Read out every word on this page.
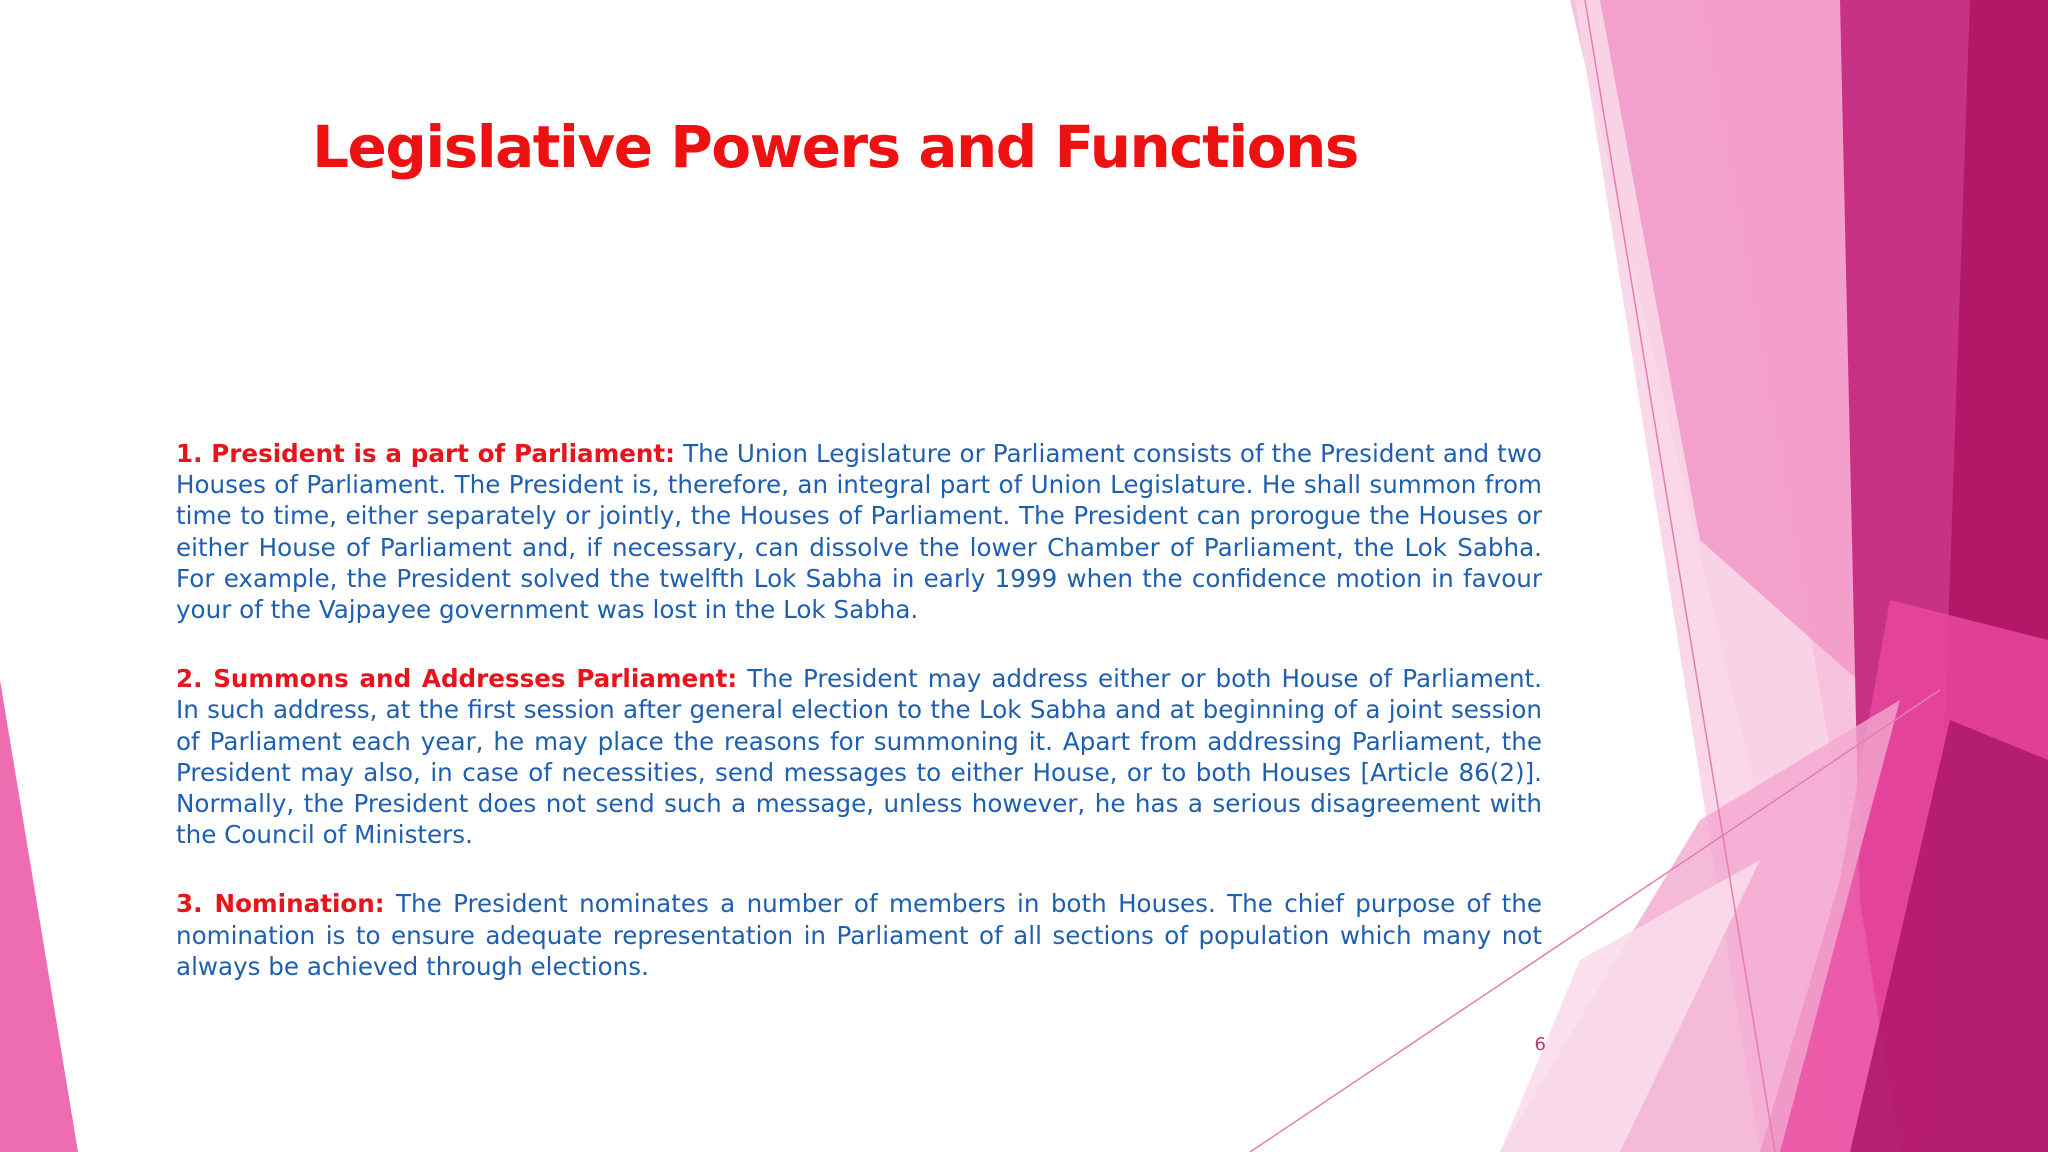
Legislative Powers and Functions

1. President is a part of Parliament: The Union Legislature or Parliament consists of the President and two Houses of Parliament. The President is, therefore, an integral part of Union Legislature. He shall summon from time to time, either separately or jointly, the Houses of Parliament. The President can prorogue the Houses or either House of Parliament and, if necessary, can dissolve the lower Chamber of Parliament, the Lok Sabha. For example, the President solved the twelfth Lok Sabha in early 1999 when the confidence motion in favour your of the Vajpayee government was lost in the Lok Sabha.

2. Summons and Addresses Parliament: The President may address either or both House of Parliament. In such address, at the first session after general election to the Lok Sabha and at beginning of a joint session of Parliament each year, he may place the reasons for summoning it. Apart from addressing Parliament, the President may also, in case of necessities, send messages to either House, or to both Houses [Article 86(2)]. Normally, the President does not send such a message, unless however, he has a serious disagreement with the Council of Ministers.

3. Nomination: The President nominates a number of members in both Houses. The chief purpose of the nomination is to ensure adequate representation in Parliament of all sections of population which many not always be achieved through elections.

6
